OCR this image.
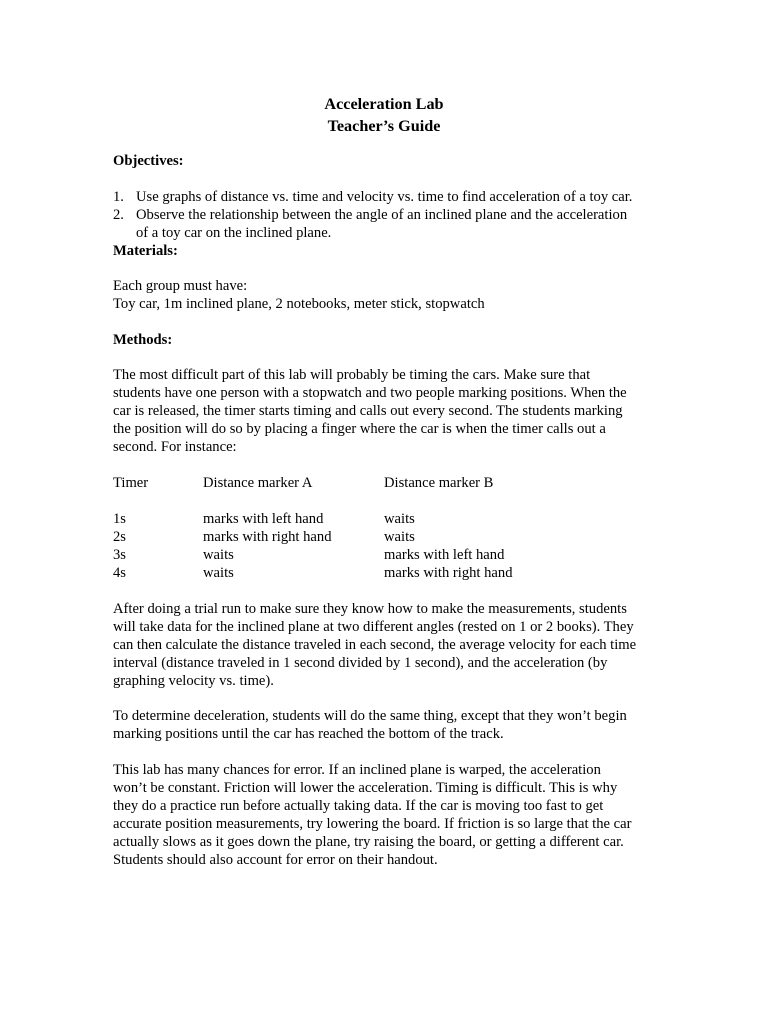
Acceleration Lab
Teacher’s Guide
Objectives:
1. Use graphs of distance vs. time and velocity vs. time to find acceleration of a toy car.
2. Observe the relationship between the angle of an inclined plane and the acceleration
of a toy car on the inclined plane.
Materials:
Each group must have:
Toy car, 1m inclined plane, 2 notebooks, meter stick, stopwatch
Methods:
The most difficult part of this lab will probably be timing the cars. Make sure that
students have one person with a stopwatch and two people marking positions. When the
car is released, the timer starts timing and calls out every second. The students marking
the position will do so by placing a finger where the car is when the timer calls out a
second. For instance:
Timer	Distance marker A	Distance marker B
1s	marks with left hand	waits
2s	marks with right hand	waits
3s	waits	marks with left hand
4s	waits	marks with right hand
After doing a trial run to make sure they know how to make the measurements, students
will take data for the inclined plane at two different angles (rested on 1 or 2 books). They
can then calculate the distance traveled in each second, the average velocity for each time
interval (distance traveled in 1 second divided by 1 second), and the acceleration (by
graphing velocity vs. time).
To determine deceleration, students will do the same thing, except that they won’t begin
marking positions until the car has reached the bottom of the track.
This lab has many chances for error. If an inclined plane is warped, the acceleration
won’t be constant. Friction will lower the acceleration. Timing is difficult. This is why
they do a practice run before actually taking data. If the car is moving too fast to get
accurate position measurements, try lowering the board. If friction is so large that the car
actually slows as it goes down the plane, try raising the board, or getting a different car.
Students should also account for error on their handout.
